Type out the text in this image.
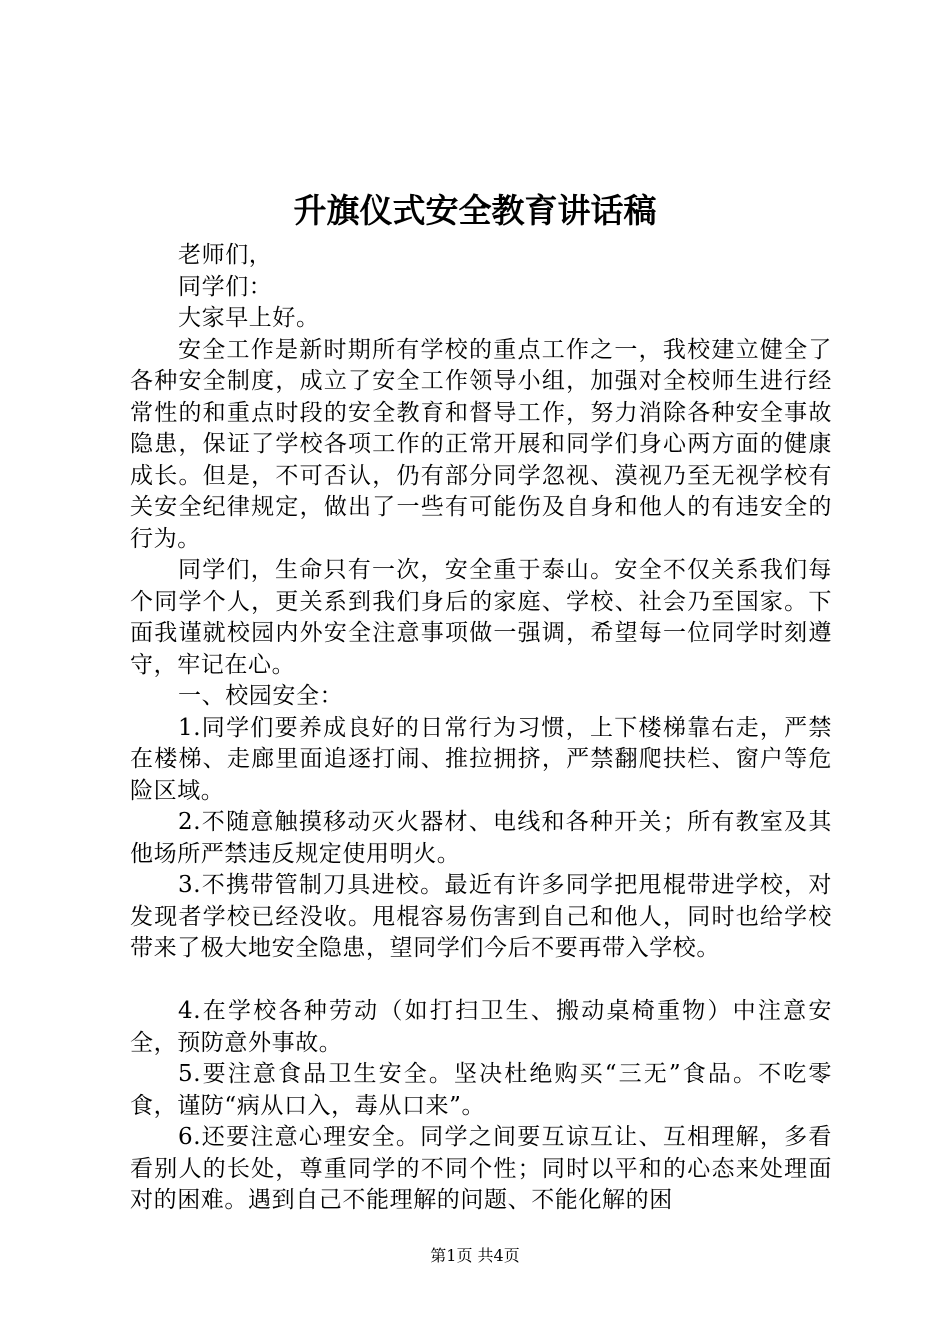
升旗仪式安全教育讲话稿

老师们，

同学们：

大家早上好。

安全工作是新时期所有学校的重点工作之一，我校建立健全了各种安全制度，成立了安全工作领导小组，加强对全校师生进行经常性的和重点时段的安全教育和督导工作，努力消除各种安全事故隐患，保证了学校各项工作的正常开展和同学们身心两方面的健康成长。但是，不可否认，仍有部分同学忽视、漠视乃至无视学校有关安全纪律规定，做出了一些有可能伤及自身和他人的有违安全的行为。

同学们，生命只有一次，安全重于泰山。安全不仅关系我们每个同学个人，更关系到我们身后的家庭、学校、社会乃至国家。下面我谨就校园内外安全注意事项做一强调，希望每一位同学时刻遵守，牢记在心。

一、校园安全：

1.同学们要养成良好的日常行为习惯，上下楼梯靠右走，严禁在楼梯、走廊里面追逐打闹、推拉拥挤，严禁翻爬扶栏、窗户等危险区域。

2.不随意触摸移动灭火器材、电线和各种开关；所有教室及其他场所严禁违反规定使用明火。

3.不携带管制刀具进校。最近有许多同学把甩棍带进学校，对发现者学校已经没收。甩棍容易伤害到自己和他人，同时也给学校带来了极大地安全隐患，望同学们今后不要再带入学校。

4.在学校各种劳动（如打扫卫生、搬动桌椅重物）中注意安全，预防意外事故。

5.要注意食品卫生安全。坚决杜绝购买“三无”食品。不吃零食，谨防“病从口入，毒从口来”。

6.还要注意心理安全。同学之间要互谅互让、互相理解，多看看别人的长处，尊重同学的不同个性；同时以平和的心态来处理面对的困难。遇到自己不能理解的问题、不能化解的困

第1页 共4页
